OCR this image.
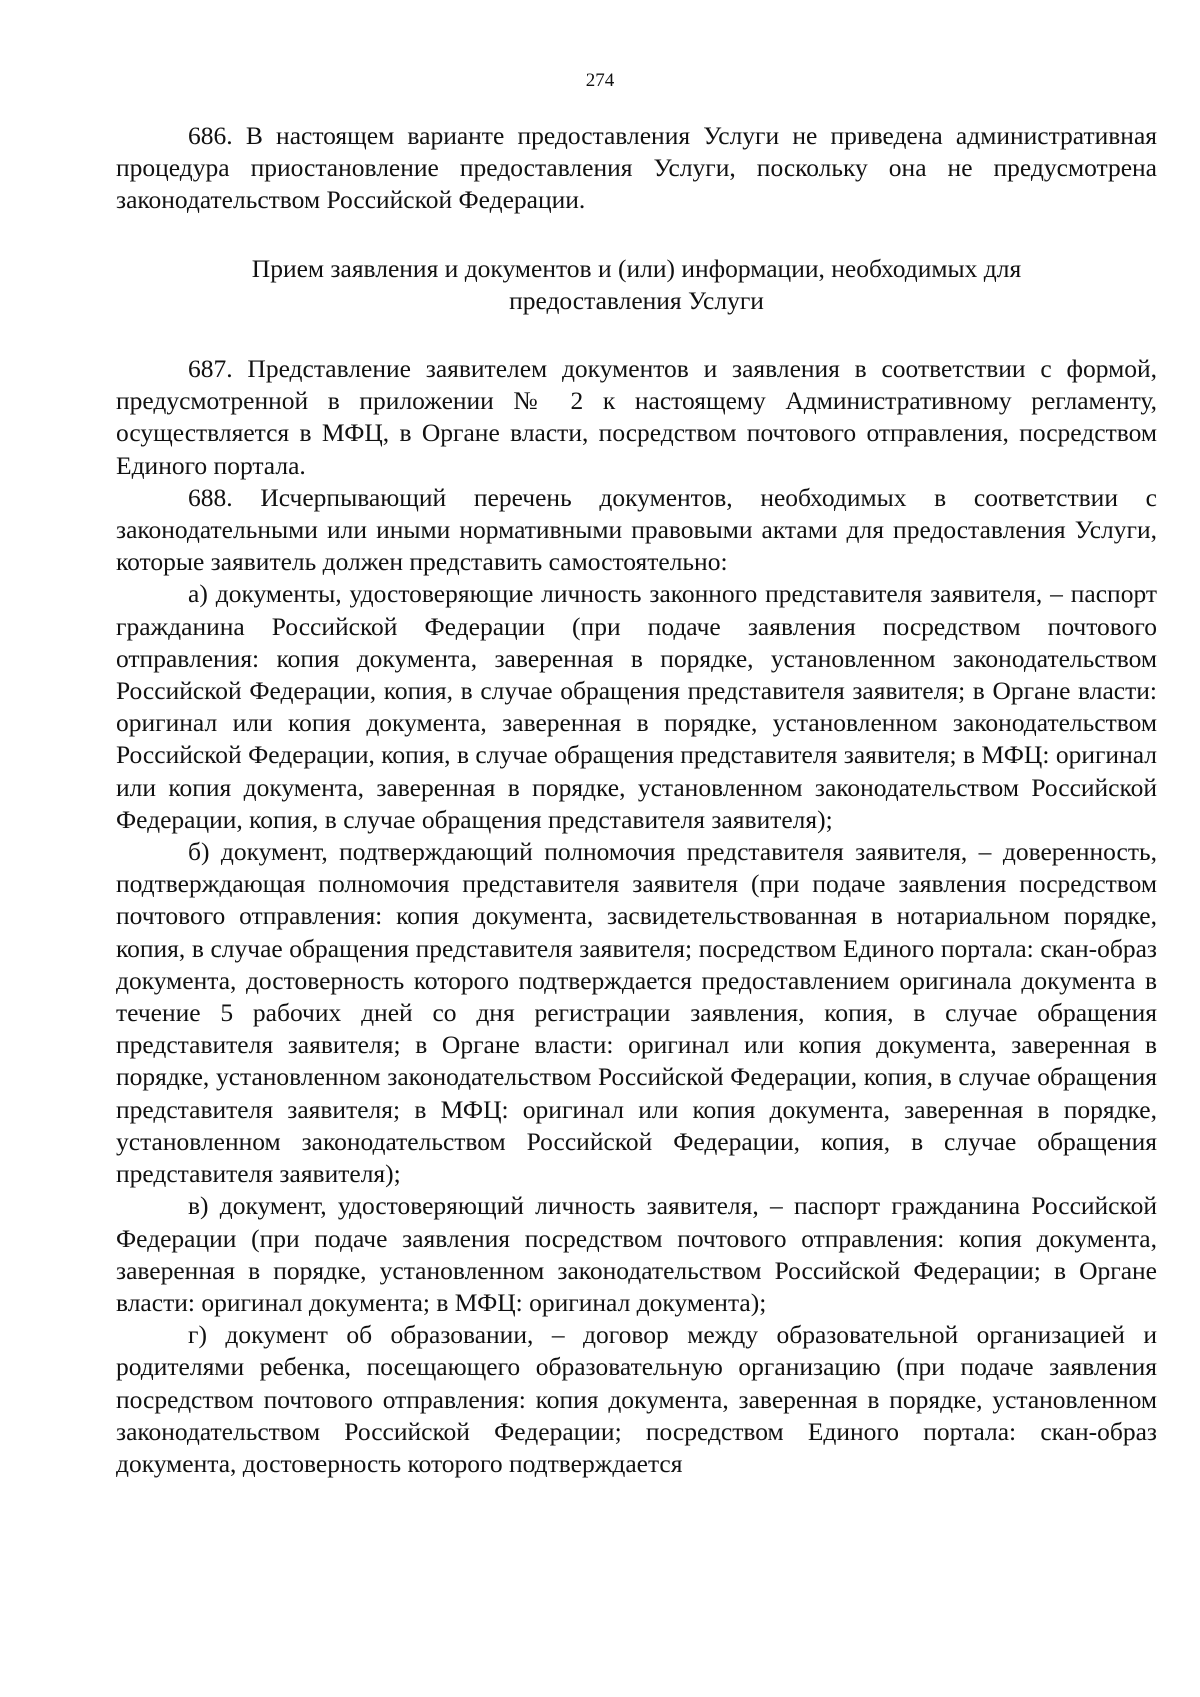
274

686. В настоящем варианте предоставления Услуги не приведена административная процедура приостановление предоставления Услуги, поскольку она не предусмотрена законодательством Российской Федерации.

Прием заявления и документов и (или) информации, необходимых для
предоставления Услуги

687. Представление заявителем документов и заявления в соответствии с формой, предусмотренной в приложении № 2 к настоящему Административному регламенту, осуществляется в МФЦ, в Органе власти, посредством почтового отправления, посредством Единого портала.

688. Исчерпывающий перечень документов, необходимых в соответствии с законодательными или иными нормативными правовыми актами для предоставления Услуги, которые заявитель должен представить самостоятельно:

а) документы, удостоверяющие личность законного представителя заявителя, – паспорт гражданина Российской Федерации (при подаче заявления посредством почтового отправления: копия документа, заверенная в порядке, установленном законодательством Российской Федерации, копия, в случае обращения представителя заявителя; в Органе власти: оригинал или копия документа, заверенная в порядке, установленном законодательством Российской Федерации, копия, в случае обращения представителя заявителя; в МФЦ: оригинал или копия документа, заверенная в порядке, установленном законодательством Российской Федерации, копия, в случае обращения представителя заявителя);

б) документ, подтверждающий полномочия представителя заявителя, – доверенность, подтверждающая полномочия представителя заявителя (при подаче заявления посредством почтового отправления: копия документа, засвидетельствованная в нотариальном порядке, копия, в случае обращения представителя заявителя; посредством Единого портала: скан-образ документа, достоверность которого подтверждается предоставлением оригинала документа в течение 5 рабочих дней со дня регистрации заявления, копия, в случае обращения представителя заявителя; в Органе власти: оригинал или копия документа, заверенная в порядке, установленном законодательством Российской Федерации, копия, в случае обращения представителя заявителя; в МФЦ: оригинал или копия документа, заверенная в порядке, установленном законодательством Российской Федерации, копия, в случае обращения представителя заявителя);

в) документ, удостоверяющий личность заявителя, – паспорт гражданина Российской Федерации (при подаче заявления посредством почтового отправления: копия документа, заверенная в порядке, установленном законодательством Российской Федерации; в Органе власти: оригинал документа; в МФЦ: оригинал документа);

г) документ об образовании, – договор между образовательной организацией и родителями ребенка, посещающего образовательную организацию (при подаче заявления посредством почтового отправления: копия документа, заверенная в порядке, установленном законодательством Российской Федерации; посредством Единого портала: скан-образ документа, достоверность которого подтверждается
